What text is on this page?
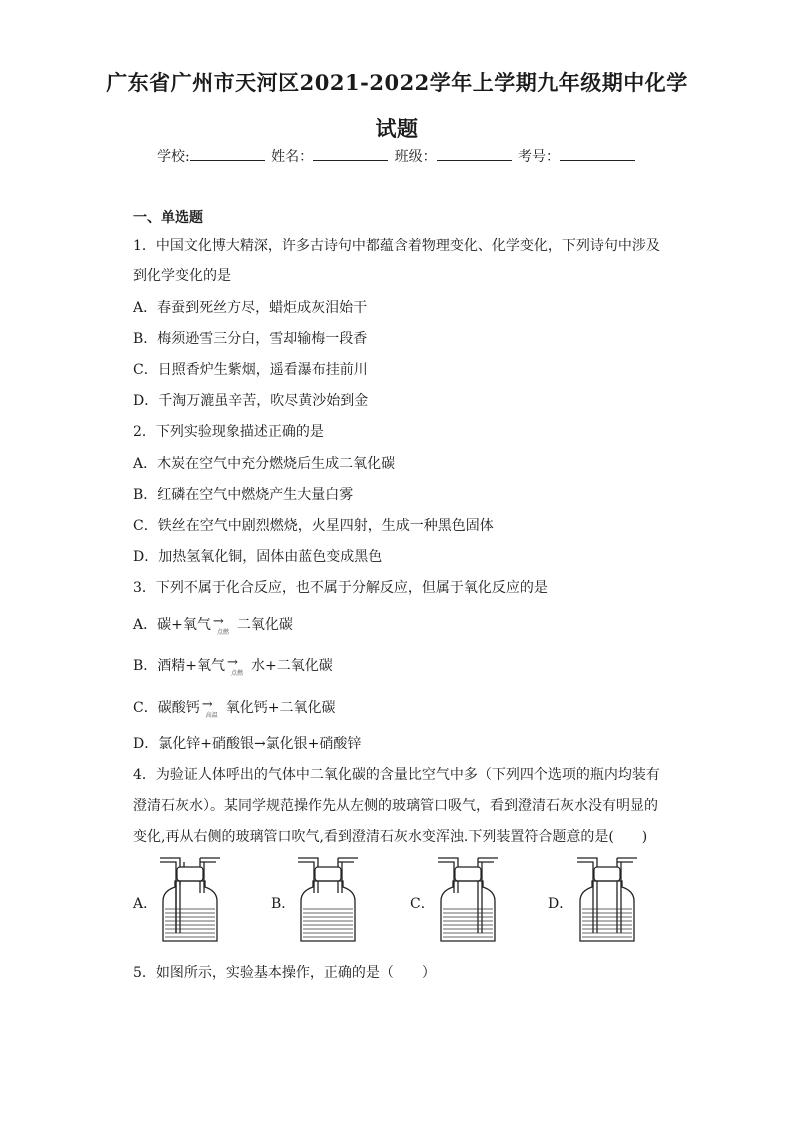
广东省广州市天河区2021-2022学年上学期九年级期中化学
试题
学校:	姓名：	班级：	考号：
一、单选题
1．中国文化博大精深，许多古诗句中都蕴含着物理变化、化学变化，下列诗句中涉及
到化学变化的是
A．春蚕到死丝方尽，蜡炬成灰泪始干
B．梅须逊雪三分白，雪却输梅一段香
C．日照香炉生紫烟，遥看瀑布挂前川
D．千淘万漉虽辛苦，吹尽黄沙始到金
2．下列实验现象描述正确的是
A．木炭在空气中充分燃烧后生成二氧化碳
B．红磷在空气中燃烧产生大量白雾
C．铁丝在空气中剧烈燃烧，火星四射，生成一种黑色固体
D．加热氢氧化铜，固体由蓝色变成黑色
3．下列不属于化合反应，也不属于分解反应，但属于氧化反应的是
A．碳+氧气 →
点燃 二氧化碳
B．酒精+氧气 →
点燃 水+二氧化碳
C．碳酸钙 →
高温 氧化钙+二氧化碳
D．氯化锌+硝酸银→氯化银+硝酸锌
4．为验证人体呼出的气体中二氧化碳的含量比空气中多（下列四个选项的瓶内均装有
澄清石灰水）。某同学规范操作先从左侧的玻璃管口吸气，看到澄清石灰水没有明显的
变化,再从右侧的玻璃管口吹气,看到澄清石灰水变浑浊.下列装置符合题意的是(　　)
A．	B．	C．	D．
5．如图所示，实验基本操作，正确的是（　　）
